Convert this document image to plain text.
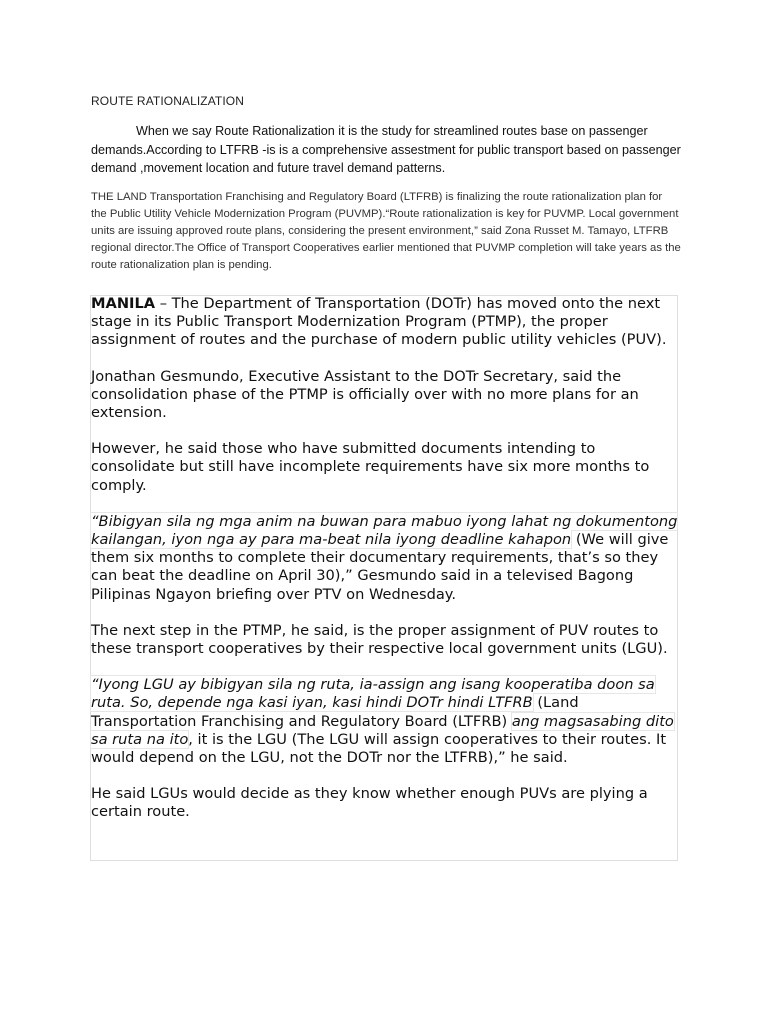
ROUTE RATIONALIZATION

When we say Route Rationalization it is the study for streamlined routes base on passenger demands.According to LTFRB -is is a comprehensive assestment for public transport based on passenger demand ,movement location and future travel demand patterns.

THE LAND Transportation Franchising and Regulatory Board (LTFRB) is finalizing the route rationalization plan for the Public Utility Vehicle Modernization Program (PUVMP).“Route rationalization is key for PUVMP. Local government units are issuing approved route plans, considering the present environment,” said Zona Russet M. Tamayo, LTFRB regional director.The Office of Transport Cooperatives earlier mentioned that PUVMP completion will take years as the route rationalization plan is pending.

MANILA – The Department of Transportation (DOTr) has moved onto the next stage in its Public Transport Modernization Program (PTMP), the proper assignment of routes and the purchase of modern public utility vehicles (PUV).

Jonathan Gesmundo, Executive Assistant to the DOTr Secretary, said the consolidation phase of the PTMP is officially over with no more plans for an extension.

However, he said those who have submitted documents intending to consolidate but still have incomplete requirements have six more months to comply.

“Bibigyan sila ng mga anim na buwan para mabuo iyong lahat ng dokumentong kailangan, iyon nga ay para ma-beat nila iyong deadline kahapon (We will give them six months to complete their documentary requirements, that’s so they can beat the deadline on April 30),” Gesmundo said in a televised Bagong Pilipinas Ngayon briefing over PTV on Wednesday.

The next step in the PTMP, he said, is the proper assignment of PUV routes to these transport cooperatives by their respective local government units (LGU).

“Iyong LGU ay bibigyan sila ng ruta, ia-assign ang isang kooperatiba doon sa ruta. So, depende nga kasi iyan, kasi hindi DOTr hindi LTFRB (Land Transportation Franchising and Regulatory Board (LTFRB) ang magsasabing dito sa ruta na ito, it is the LGU (The LGU will assign cooperatives to their routes. It would depend on the LGU, not the DOTr nor the LTFRB),” he said.

He said LGUs would decide as they know whether enough PUVs are plying a certain route.
